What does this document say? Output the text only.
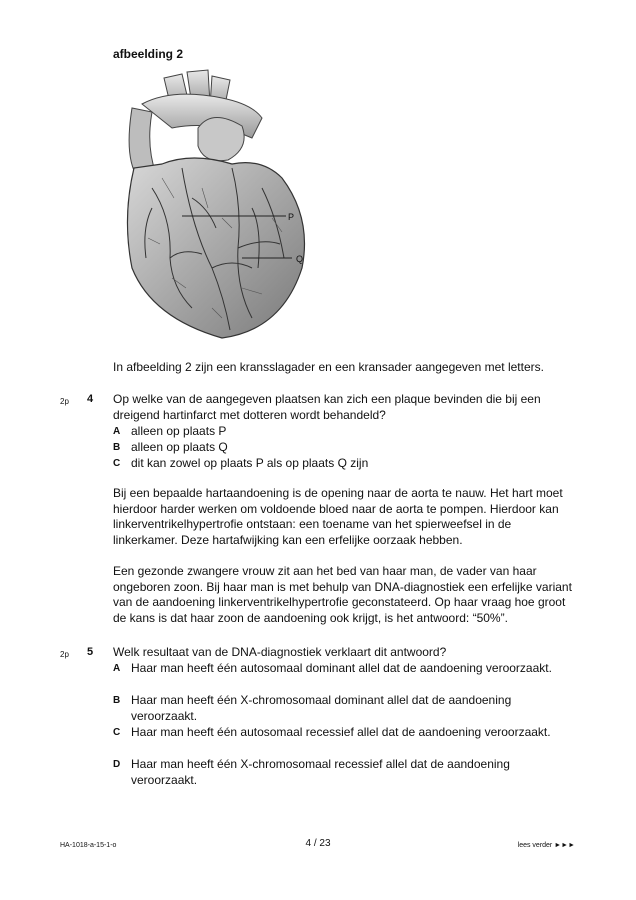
afbeelding 2
P
Q
In afbeelding 2 zijn een kransslagader en een kransader aangegeven met letters.
2p 4 Op welke van de aangegeven plaatsen kan zich een plaque bevinden die bij een dreigend hartinfarct met dotteren wordt behandeld?
A alleen op plaats P
B alleen op plaats Q
C dit kan zowel op plaats P als op plaats Q zijn
Bij een bepaalde hartaandoening is de opening naar de aorta te nauw. Het hart moet hierdoor harder werken om voldoende bloed naar de aorta te pompen. Hierdoor kan linkerventrikelhypertrofie ontstaan: een toename van het spierweefsel in de linkerkamer. Deze hartafwijking kan een erfelijke oorzaak hebben.
Een gezonde zwangere vrouw zit aan het bed van haar man, de vader van haar ongeboren zoon. Bij haar man is met behulp van DNA-diagnostiek een erfelijke variant van de aandoening linkerventrikelhypertrofie geconstateerd. Op haar vraag hoe groot de kans is dat haar zoon de aandoening ook krijgt, is het antwoord: “50%”.
2p 5 Welk resultaat van de DNA-diagnostiek verklaart dit antwoord?
A Haar man heeft één autosomaal dominant allel dat de aandoening veroorzaakt.
B Haar man heeft één X-chromosomaal dominant allel dat de aandoening veroorzaakt.
C Haar man heeft één autosomaal recessief allel dat de aandoening veroorzaakt.
D Haar man heeft één X-chromosomaal recessief allel dat de aandoening veroorzaakt.
HA-1018-a-15-1-o	4 / 23	lees verder ►►►
